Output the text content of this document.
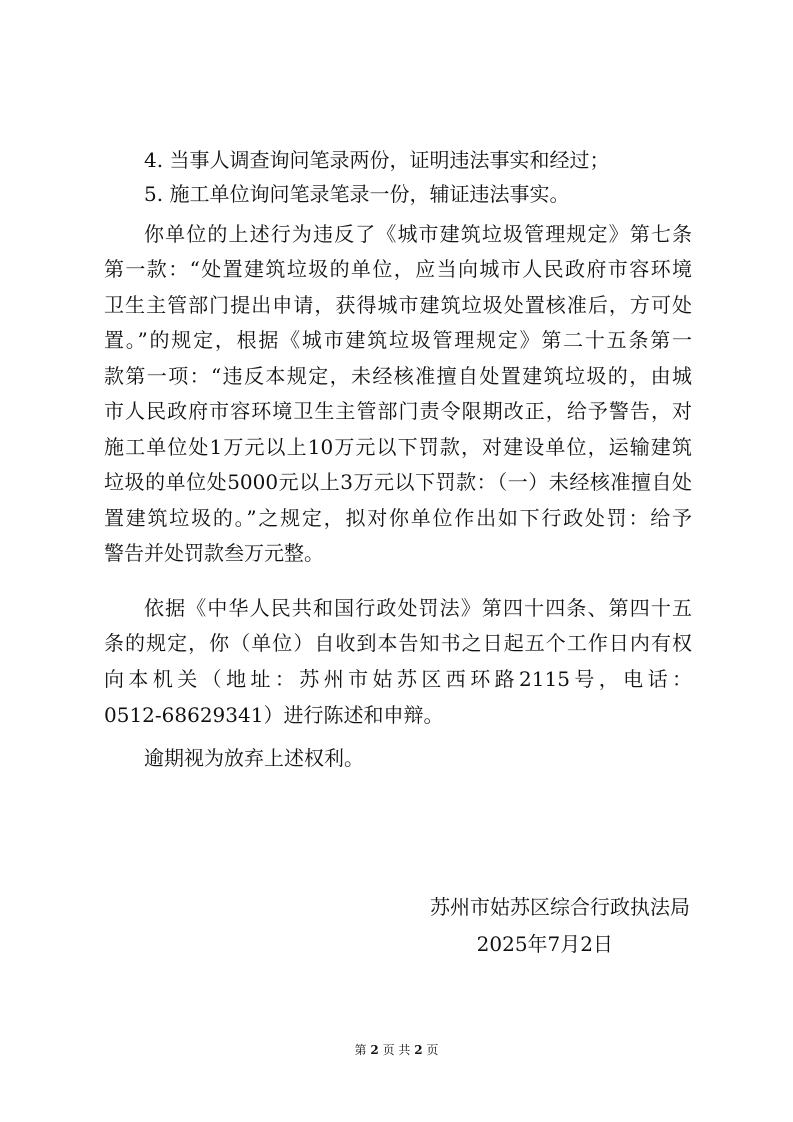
4. 当事人调查询问笔录两份，证明违法事实和经过；
5. 施工单位询问笔录笔录一份，辅证违法事实。
你单位的上述行为违反了《城市建筑垃圾管理规定》第七条
第一款：“处置建筑垃圾的单位，应当向城市人民政府市容环境
卫生主管部门提出申请，获得城市建筑垃圾处置核准后，方可处
置。”的规定，根据《城市建筑垃圾管理规定》第二十五条第一
款第一项：“违反本规定，未经核准擅自处置建筑垃圾的，由城
市人民政府市容环境卫生主管部门责令限期改正，给予警告，对
施工单位处1万元以上10万元以下罚款，对建设单位，运输建筑
垃圾的单位处5000元以上3万元以下罚款：（一）未经核准擅自处
置建筑垃圾的。”之规定，拟对你单位作出如下行政处罚：给予
警告并处罚款叁万元整。
依据《中华人民共和国行政处罚法》第四十四条、第四十五
条的规定，你（单位）自收到本告知书之日起五个工作日内有权
向本机关（地址：苏州市姑苏区西环路2115号，电话：
0512-68629341）进行陈述和申辩。
逾期视为放弃上述权利。
苏州市姑苏区综合行政执法局
2025年7月2日
第 2 页 共 2 页
